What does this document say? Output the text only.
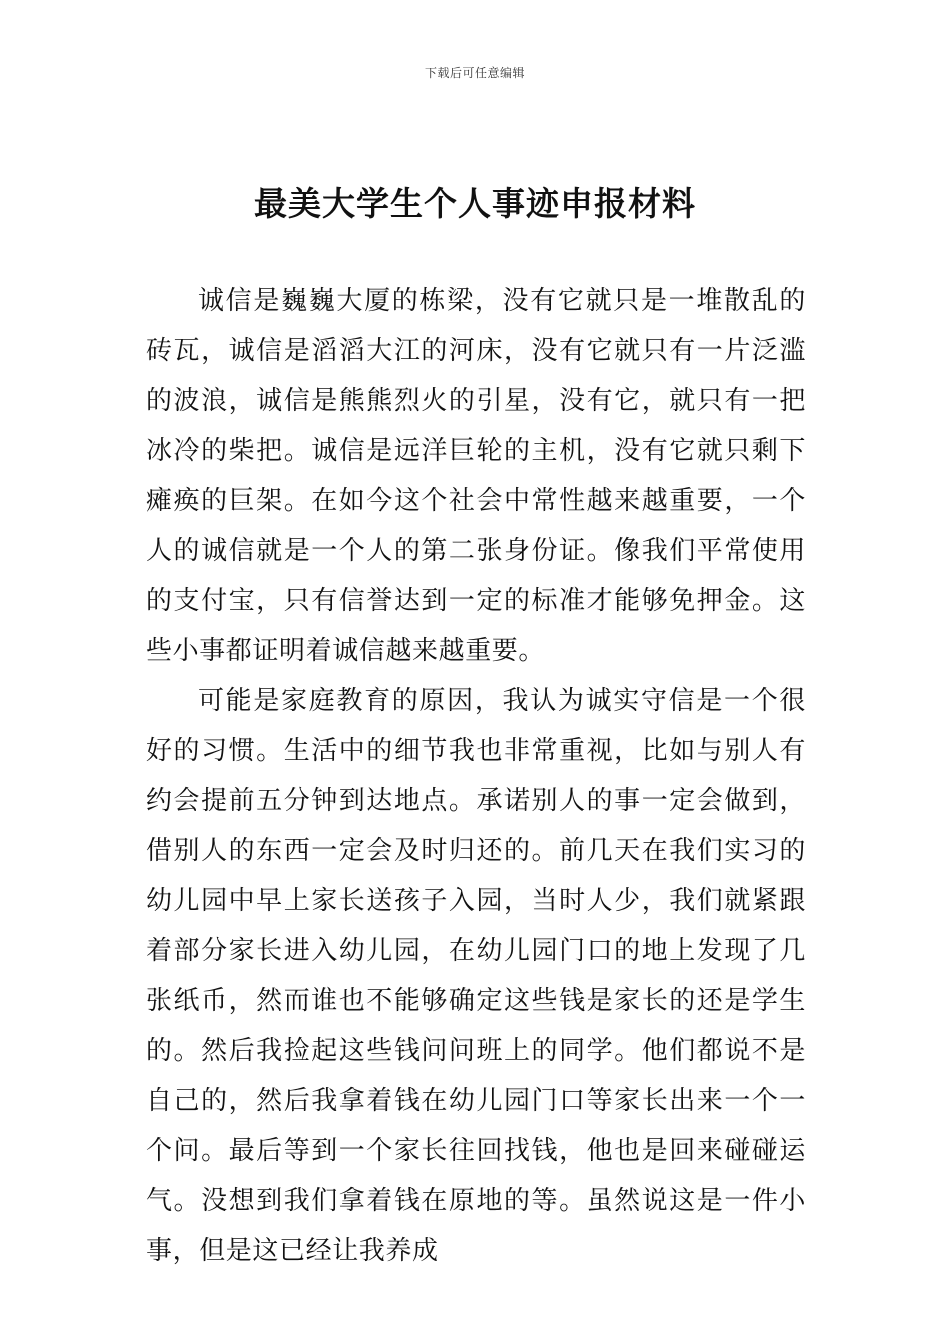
下载后可任意编辑
最美大学生个人事迹申报材料

诚信是巍巍大厦的栋梁，没有它就只是一堆散乱的砖瓦，诚信是滔滔大江的河床，没有它就只有一片泛滥的波浪，诚信是熊熊烈火的引星，没有它，就只有一把冰冷的柴把。诚信是远洋巨轮的主机，没有它就只剩下瘫痪的巨架。在如今这个社会中常性越来越重要，一个人的诚信就是一个人的第二张身份证。像我们平常使用的支付宝，只有信誉达到一定的标准才能够免押金。这些小事都证明着诚信越来越重要。

可能是家庭教育的原因，我认为诚实守信是一个很好的习惯。生活中的细节我也非常重视，比如与别人有约会提前五分钟到达地点。承诺别人的事一定会做到，借别人的东西一定会及时归还的。前几天在我们实习的幼儿园中早上家长送孩子入园，当时人少，我们就紧跟着部分家长进入幼儿园，在幼儿园门口的地上发现了几张纸币，然而谁也不能够确定这些钱是家长的还是学生的。然后我捡起这些钱问问班上的同学。他们都说不是自己的，然后我拿着钱在幼儿园门口等家长出来一个一个问。最后等到一个家长往回找钱，他也是回来碰碰运气。没想到我们拿着钱在原地的等。虽然说这是一件小事，但是这已经让我养成
